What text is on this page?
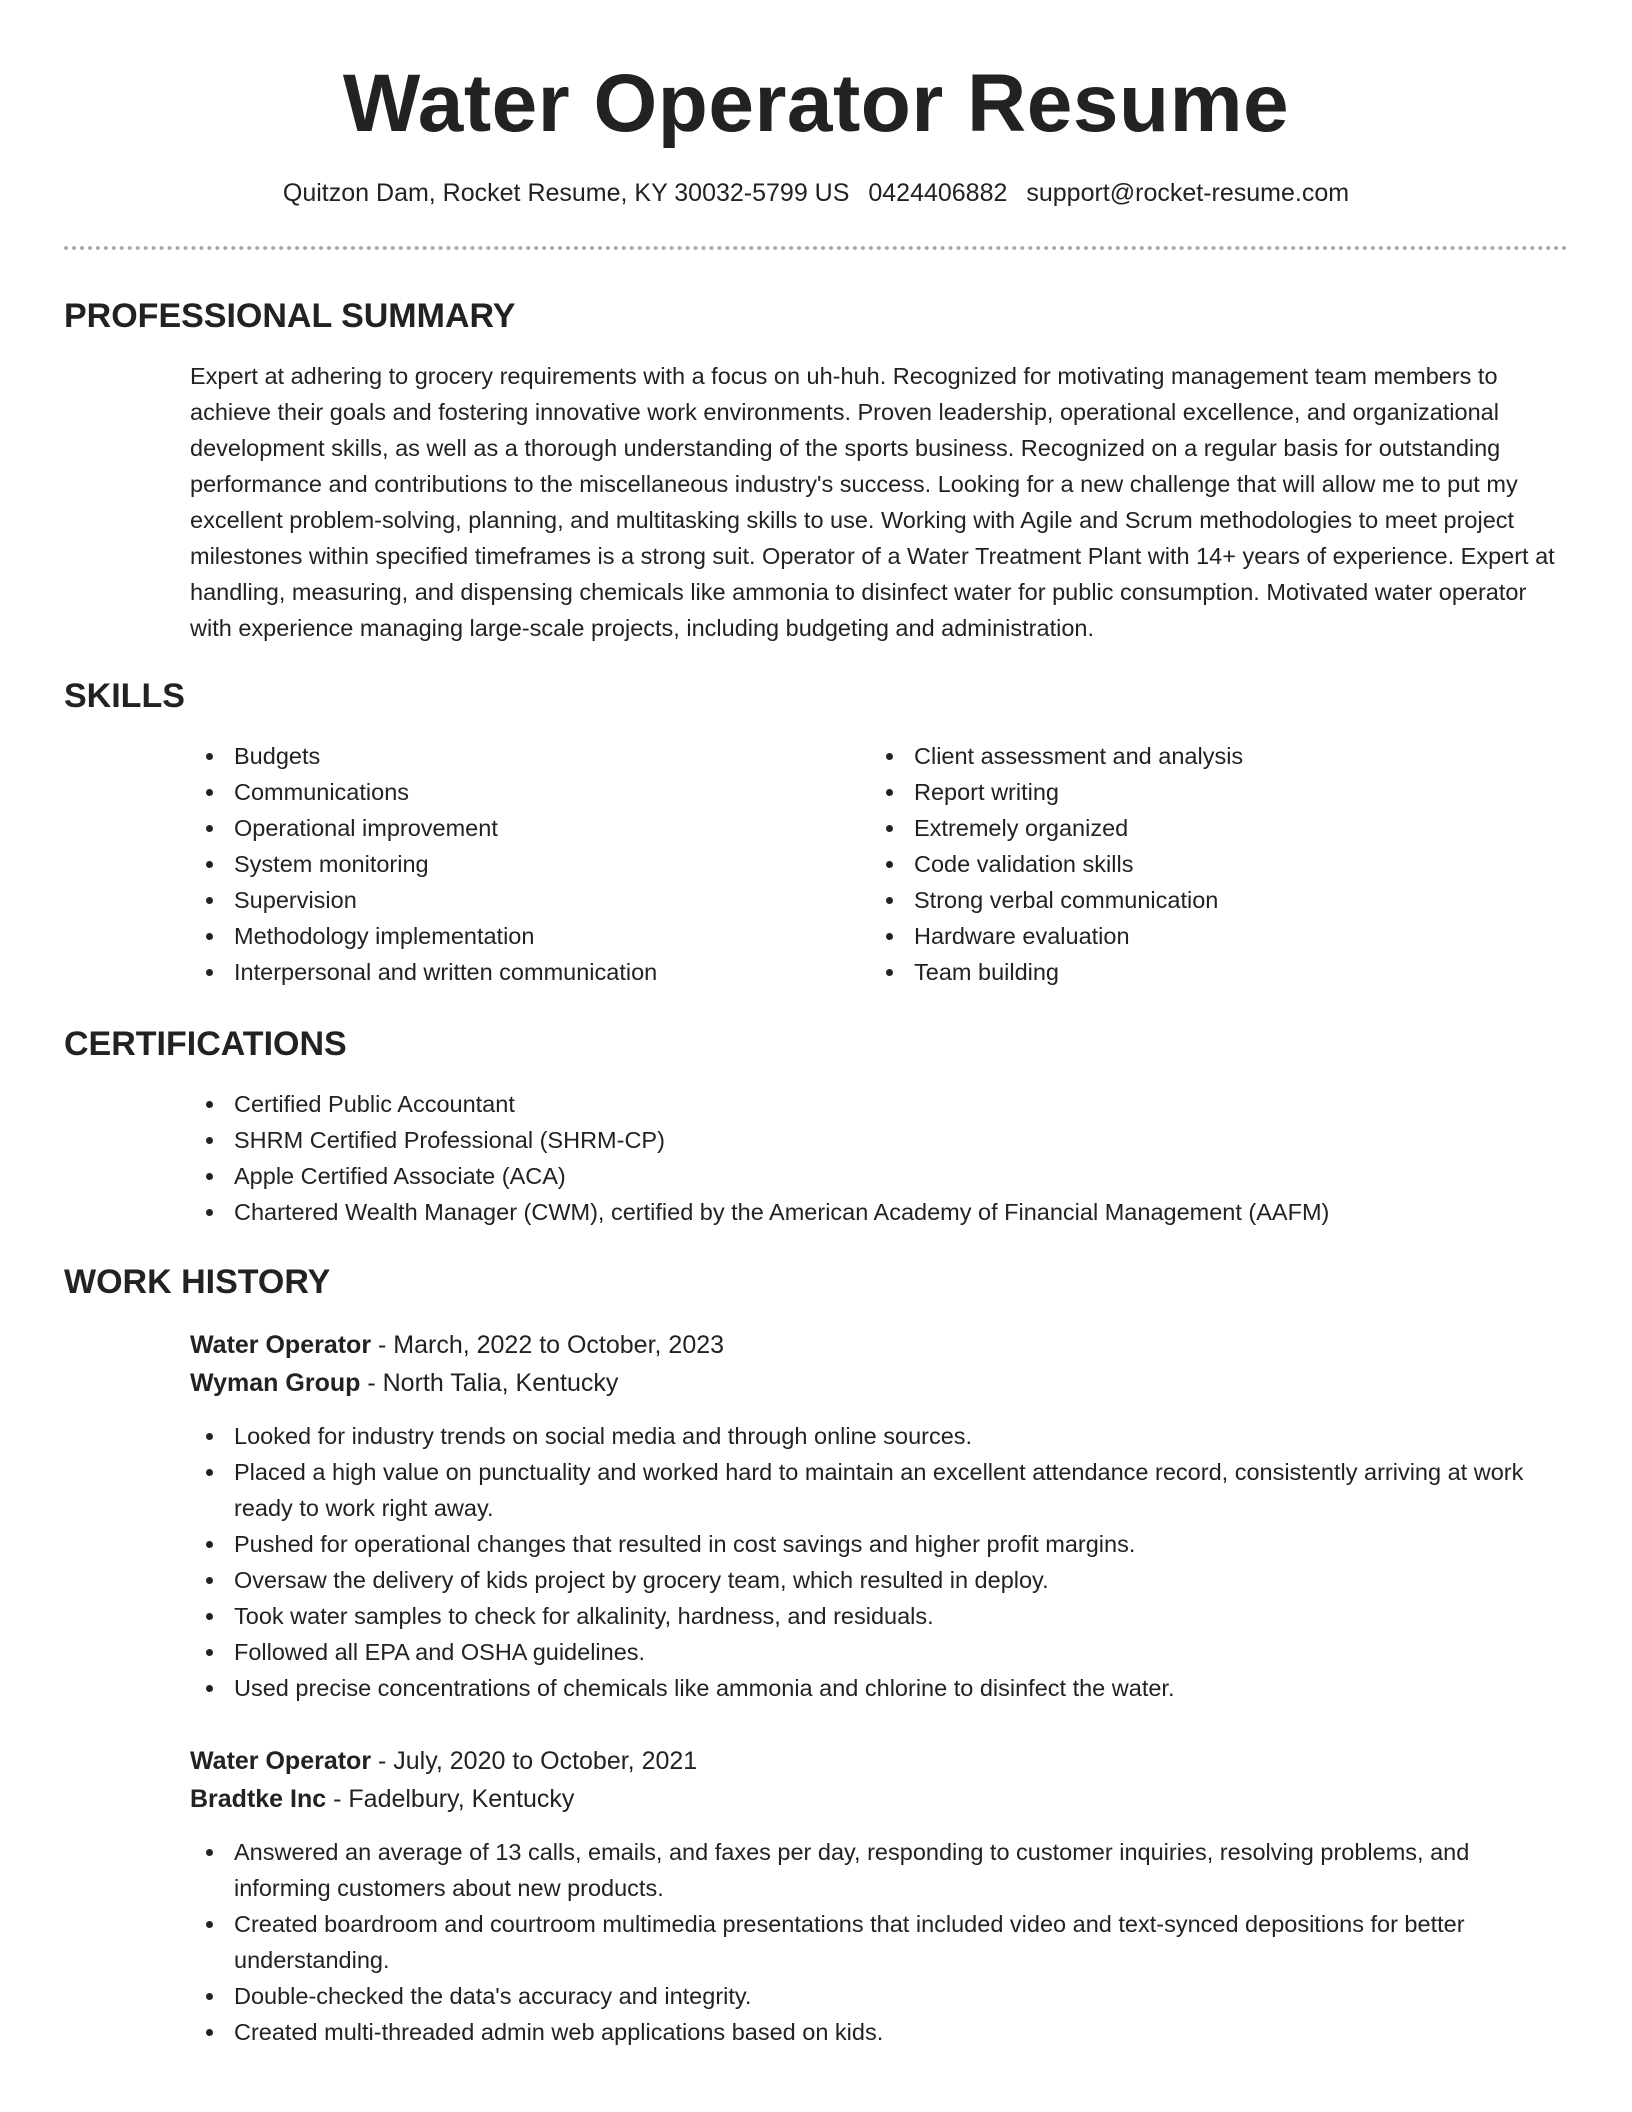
Water Operator Resume
Quitzon Dam, Rocket Resume, KY 30032-5799 US 0424406882 support@rocket-resume.com
PROFESSIONAL SUMMARY
Expert at adhering to grocery requirements with a focus on uh-huh. Recognized for motivating management team members to achieve their goals and fostering innovative work environments. Proven leadership, operational excellence, and organizational development skills, as well as a thorough understanding of the sports business. Recognized on a regular basis for outstanding performance and contributions to the miscellaneous industry's success. Looking for a new challenge that will allow me to put my excellent problem-solving, planning, and multitasking skills to use. Working with Agile and Scrum methodologies to meet project milestones within specified timeframes is a strong suit. Operator of a Water Treatment Plant with 14+ years of experience. Expert at handling, measuring, and dispensing chemicals like ammonia to disinfect water for public consumption. Motivated water operator with experience managing large-scale projects, including budgeting and administration.
SKILLS
Budgets
Communications
Operational improvement
System monitoring
Supervision
Methodology implementation
Interpersonal and written communication
Client assessment and analysis
Report writing
Extremely organized
Code validation skills
Strong verbal communication
Hardware evaluation
Team building
CERTIFICATIONS
Certified Public Accountant
SHRM Certified Professional (SHRM-CP)
Apple Certified Associate (ACA)
Chartered Wealth Manager (CWM), certified by the American Academy of Financial Management (AAFM)
WORK HISTORY
Water Operator - March, 2022 to October, 2023
Wyman Group - North Talia, Kentucky
Looked for industry trends on social media and through online sources.
Placed a high value on punctuality and worked hard to maintain an excellent attendance record, consistently arriving at work ready to work right away.
Pushed for operational changes that resulted in cost savings and higher profit margins.
Oversaw the delivery of kids project by grocery team, which resulted in deploy.
Took water samples to check for alkalinity, hardness, and residuals.
Followed all EPA and OSHA guidelines.
Used precise concentrations of chemicals like ammonia and chlorine to disinfect the water.
Water Operator - July, 2020 to October, 2021
Bradtke Inc - Fadelbury, Kentucky
Answered an average of 13 calls, emails, and faxes per day, responding to customer inquiries, resolving problems, and informing customers about new products.
Created boardroom and courtroom multimedia presentations that included video and text-synced depositions for better understanding.
Double-checked the data's accuracy and integrity.
Created multi-threaded admin web applications based on kids.
